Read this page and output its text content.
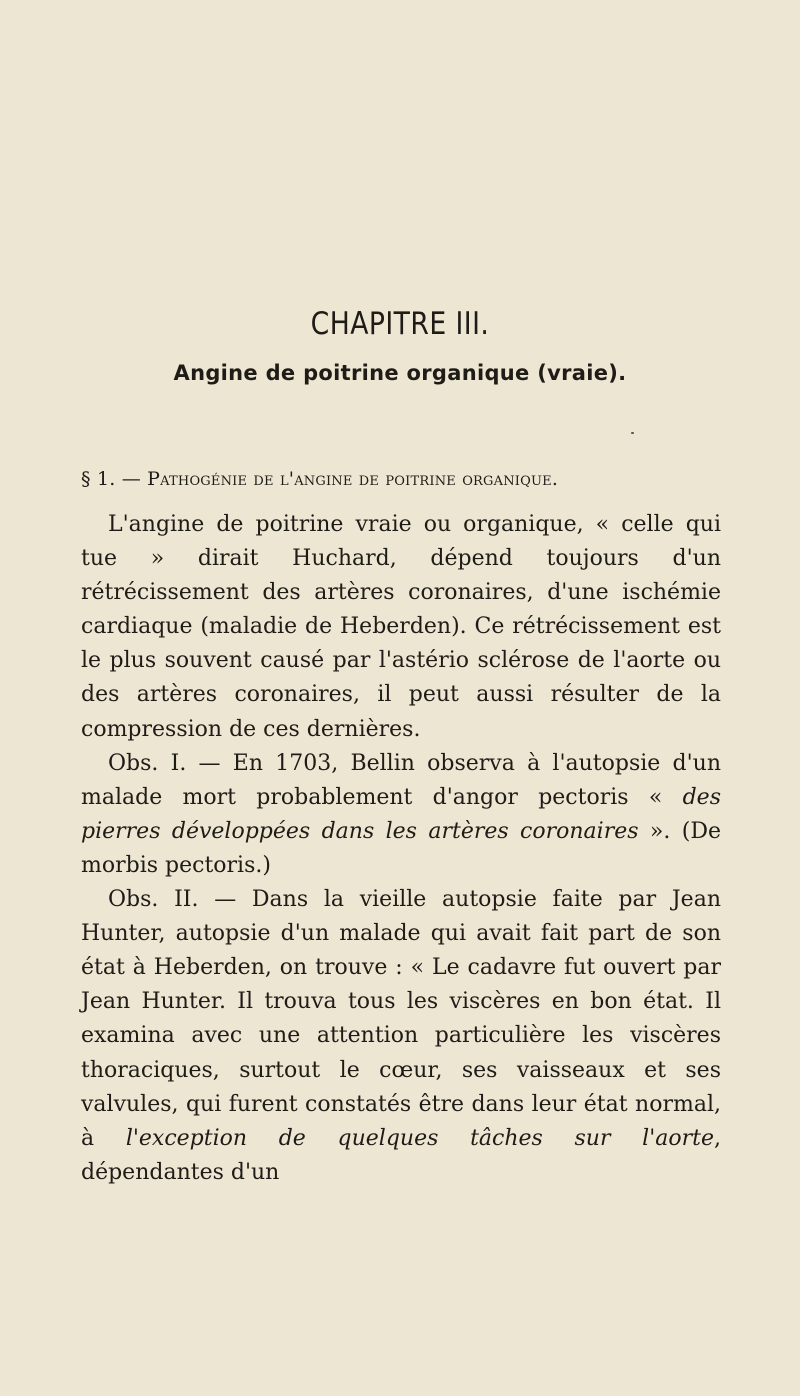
CHAPITRE III.
Angine de poitrine organique (vraie).
§ 1. — Pathogénie de l'angine de poitrine organique.

L'angine de poitrine vraie ou organique, « celle qui tue » dirait Huchard, dépend toujours d'un rétrécissement des artères coronaires, d'une ischémie cardiaque (maladie de Heberden). Ce rétrécissement est le plus souvent causé par l'astério sclérose de l'aorte ou des artères coronaires, il peut aussi résulter de la compression de ces dernières.

Obs. I. — En 1703, Bellin observa à l'autopsie d'un malade mort probablement d'angor pectoris « des pierres développées dans les artères coronaires ». (De morbis pectoris.)

Obs. II. — Dans la vieille autopsie faite par Jean Hunter, autopsie d'un malade qui avait fait part de son état à Heberden, on trouve : « Le cadavre fut ouvert par Jean Hunter. Il trouva tous les viscères en bon état. Il examina avec une attention particulière les viscères thoraciques, surtout le cœur, ses vaisseaux et ses valvules, qui furent constatés être dans leur état normal, à l'exception de quelques tâches sur l'aorte, dépendantes d'un
